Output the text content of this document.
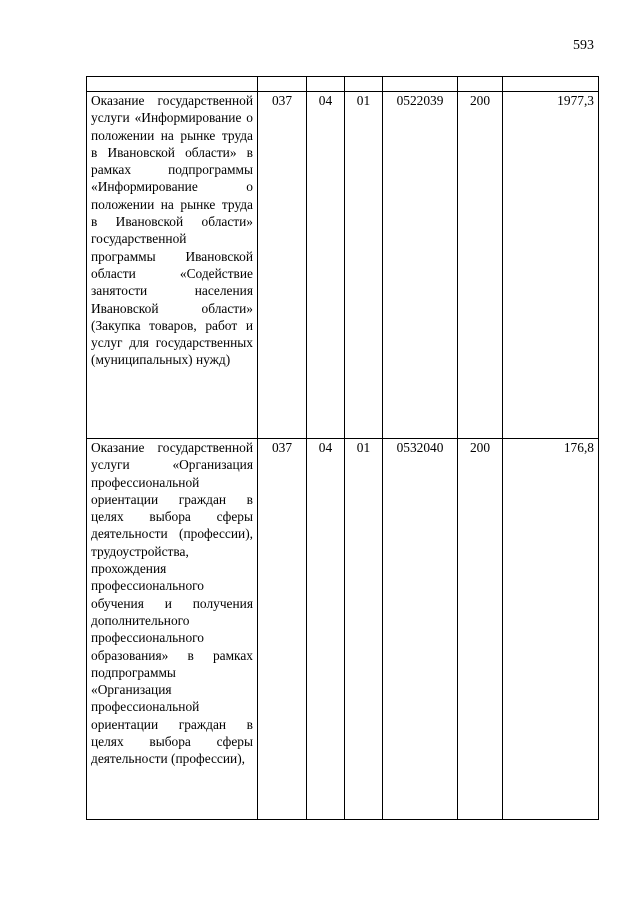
593

Оказание государственной услуги «Информирование о положении на рынке труда в Ивановской области» в рамках подпрограммы «Информирование о положении на рынке труда в Ивановской области» государственной программы Ивановской области «Содействие занятости населения Ивановской области» (Закупка товаров, работ и услуг для государственных (муниципальных) нужд)	037	04	01	0522039	200	1977,3
Оказание государственной услуги «Организация профессиональной ориентации граждан в целях выбора сферы деятельности (профессии), трудоустройства, прохождения профессионального обучения и получения дополнительного профессионального образования» в рамках подпрограммы «Организация профессиональной ориентации граждан в целях выбора сферы деятельности (профессии),	037	04	01	0532040	200	176,8
